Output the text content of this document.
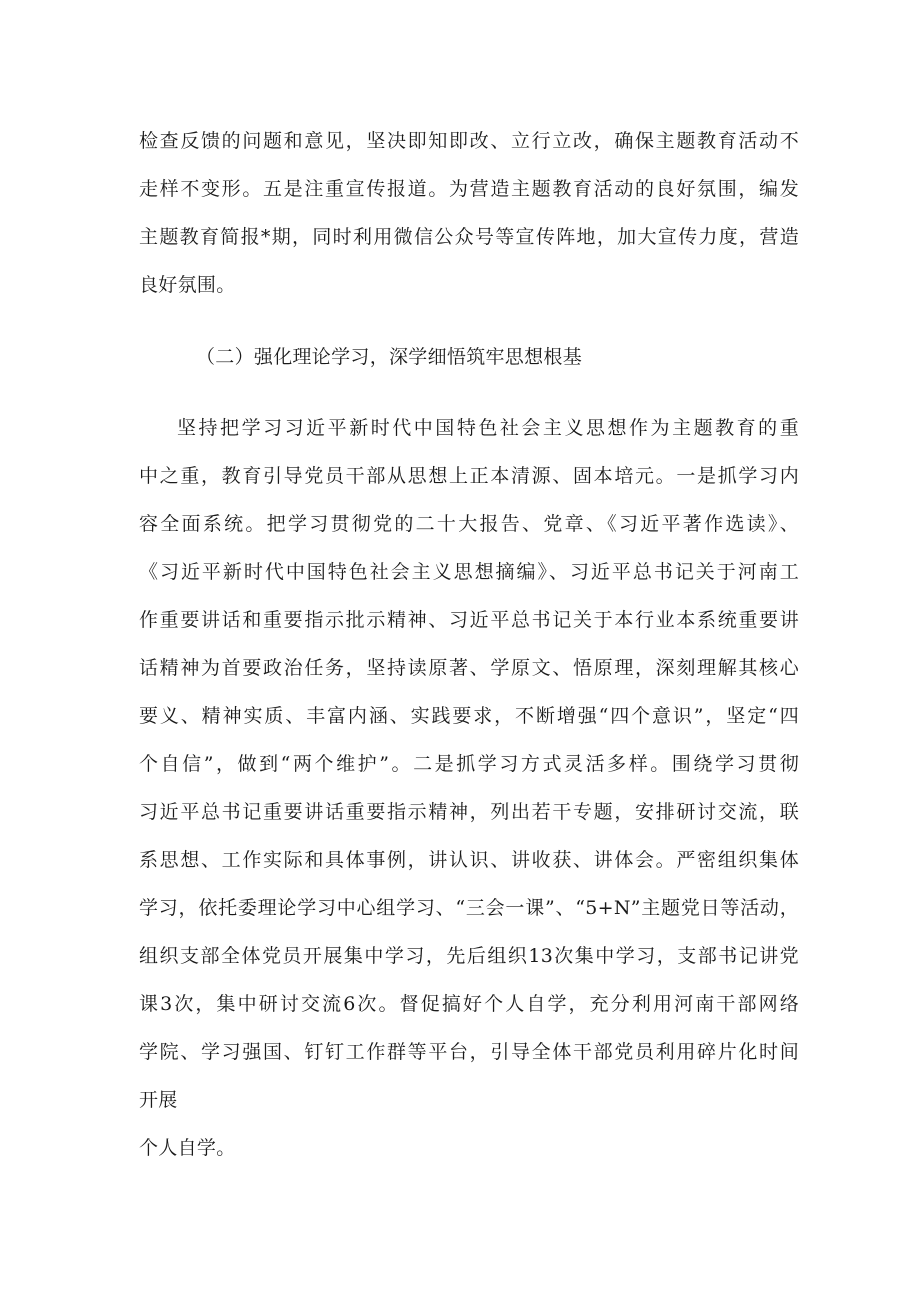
检查反馈的问题和意见，坚决即知即改、立行立改，确保主题教育活动不
走样不变形。五是注重宣传报道。为营造主题教育活动的良好氛围，编发
主题教育简报*期，同时利用微信公众号等宣传阵地，加大宣传力度，营造
良好氛围。
（二）强化理论学习，深学细悟筑牢思想根基
坚持把学习习近平新时代中国特色社会主义思想作为主题教育的重
中之重，教育引导党员干部从思想上正本清源、固本培元。一是抓学习内
容全面系统。把学习贯彻党的二十大报告、党章、《习近平著作选读》、
《习近平新时代中国特色社会主义思想摘编》、习近平总书记关于河南工
作重要讲话和重要指示批示精神、习近平总书记关于本行业本系统重要讲
话精神为首要政治任务，坚持读原著、学原文、悟原理，深刻理解其核心
要义、精神实质、丰富内涵、实践要求，不断增强“四个意识”，坚定“四
个自信”，做到“两个维护”。二是抓学习方式灵活多样。围绕学习贯彻
习近平总书记重要讲话重要指示精神，列出若干专题，安排研讨交流，联
系思想、工作实际和具体事例，讲认识、讲收获、讲体会。严密组织集体
学习，依托委理论学习中心组学习、“三会一课”、“5+N”主题党日等活动，
组织支部全体党员开展集中学习，先后组织13次集中学习，支部书记讲党
课3次，集中研讨交流6次。督促搞好个人自学，充分利用河南干部网络
学院、学习强国、钉钉工作群等平台，引导全体干部党员利用碎片化时间
开展
个人自学。
